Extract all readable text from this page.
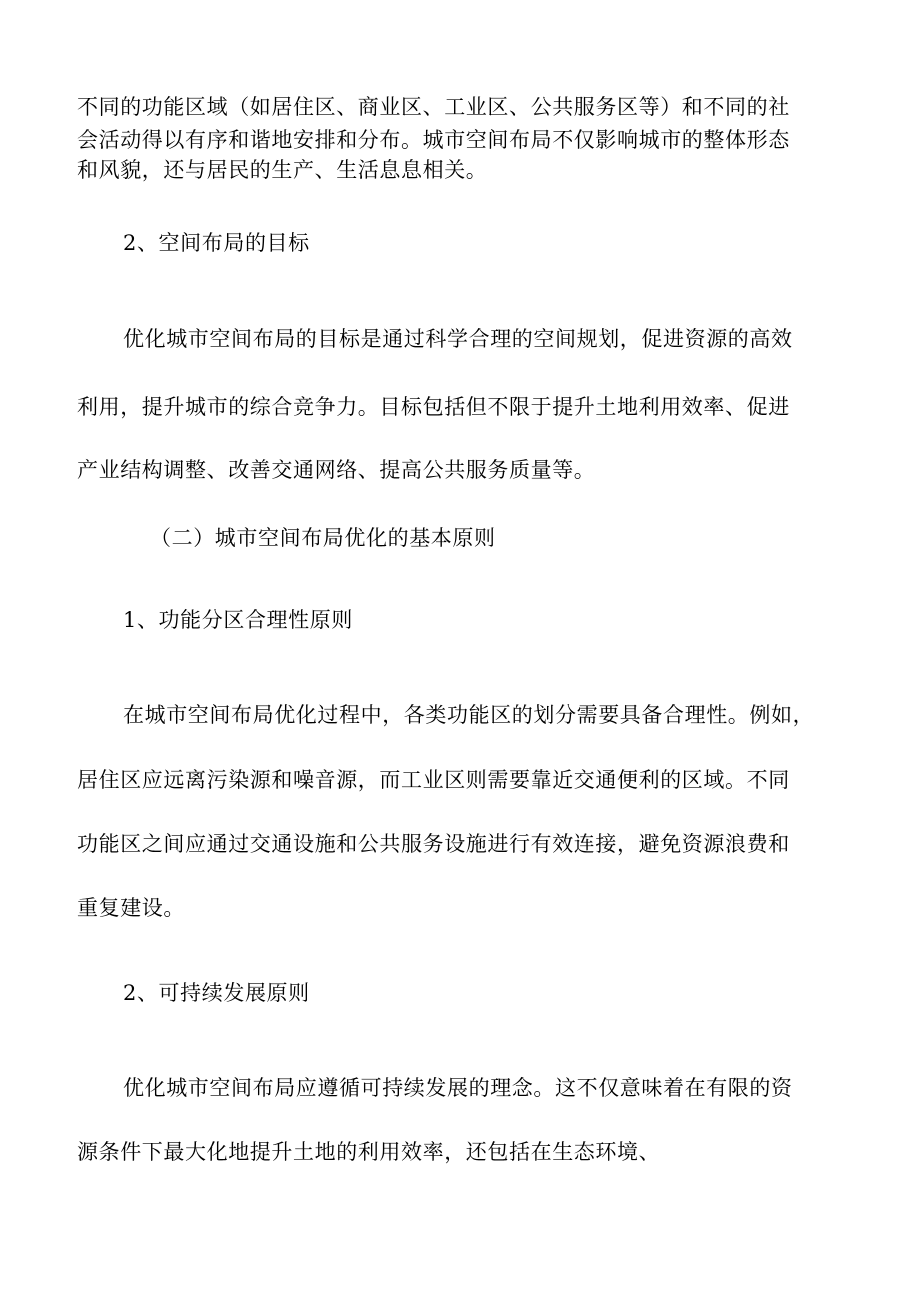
不同的功能区域（如居住区、商业区、工业区、公共服务区等）和不同的社
会活动得以有序和谐地安排和分布。城市空间布局不仅影响城市的整体形态
和风貌，还与居民的生产、生活息息相关。
2、空间布局的目标
优化城市空间布局的目标是通过科学合理的空间规划，促进资源的高效
利用，提升城市的综合竞争力。目标包括但不限于提升土地利用效率、促进
产业结构调整、改善交通网络、提高公共服务质量等。
（二）城市空间布局优化的基本原则
1、功能分区合理性原则
在城市空间布局优化过程中，各类功能区的划分需要具备合理性。例如，
居住区应远离污染源和噪音源，而工业区则需要靠近交通便利的区域。不同
功能区之间应通过交通设施和公共服务设施进行有效连接，避免资源浪费和
重复建设。
2、可持续发展原则
优化城市空间布局应遵循可持续发展的理念。这不仅意味着在有限的资
源条件下最大化地提升土地的利用效率，还包括在生态环境、
